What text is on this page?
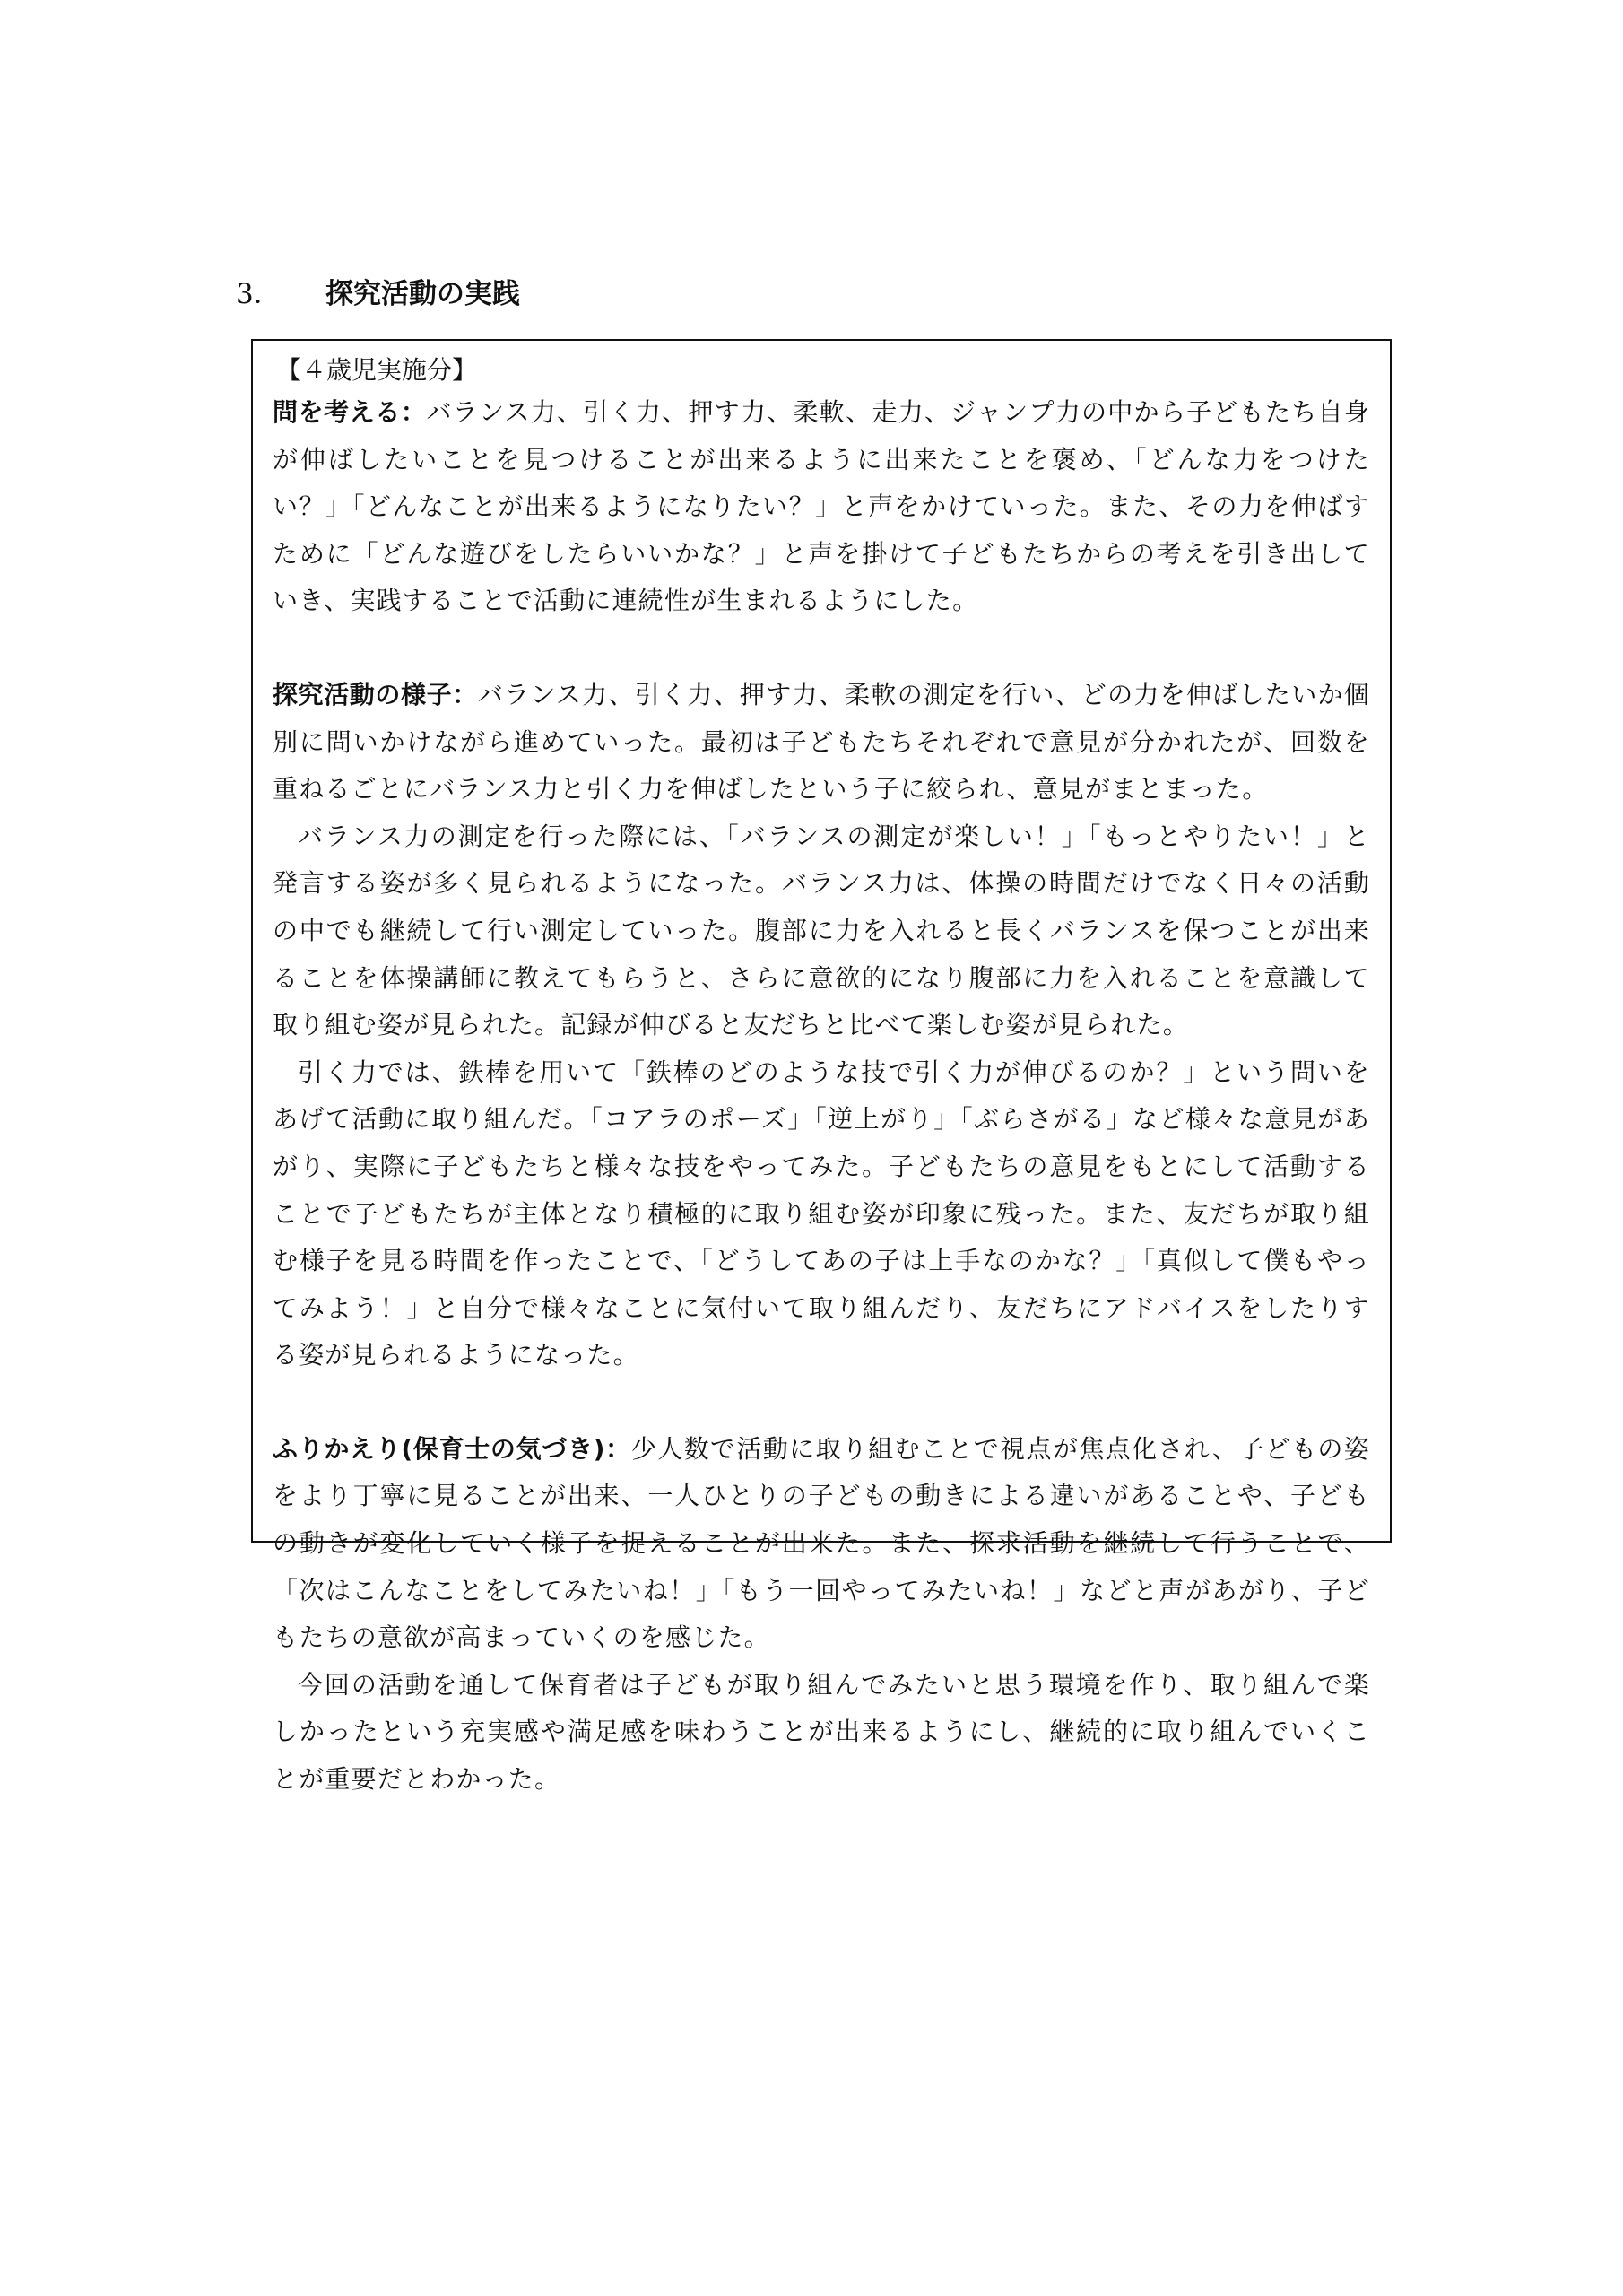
3． 探究活動の実践

【４歳児実施分】

問を考える：バランス力、引く力、押す力、柔軟、走力、ジャンプ力の中から子どもたち自身が伸ばしたいことを見つけることが出来るように出来たことを褒め、「どんな力をつけたい？」「どんなことが出来るようになりたい？」と声をかけていった。また、その力を伸ばすために「どんな遊びをしたらいいかな？」と声を掛けて子どもたちからの考えを引き出していき、実践することで活動に連続性が生まれるようにした。

探究活動の様子：バランス力、引く力、押す力、柔軟の測定を行い、どの力を伸ばしたいか個別に問いかけながら進めていった。最初は子どもたちそれぞれで意見が分かれたが、回数を重ねるごとにバランス力と引く力を伸ばしたという子に絞られ、意見がまとまった。

バランス力の測定を行った際には、「バランスの測定が楽しい！」「もっとやりたい！」と発言する姿が多く見られるようになった。バランス力は、体操の時間だけでなく日々の活動の中でも継続して行い測定していった。腹部に力を入れると長くバランスを保つことが出来ることを体操講師に教えてもらうと、さらに意欲的になり腹部に力を入れることを意識して取り組む姿が見られた。記録が伸びると友だちと比べて楽しむ姿が見られた。

引く力では、鉄棒を用いて「鉄棒のどのような技で引く力が伸びるのか？」という問いをあげて活動に取り組んだ。「コアラのポーズ」「逆上がり」「ぶらさがる」など様々な意見があがり、実際に子どもたちと様々な技をやってみた。子どもたちの意見をもとにして活動することで子どもたちが主体となり積極的に取り組む姿が印象に残った。また、友だちが取り組む様子を見る時間を作ったことで、「どうしてあの子は上手なのかな？」「真似して僕もやってみよう！」と自分で様々なことに気付いて取り組んだり、友だちにアドバイスをしたりする姿が見られるようになった。

ふりかえり(保育士の気づき)：少人数で活動に取り組むことで視点が焦点化され、子どもの姿をより丁寧に見ることが出来、一人ひとりの子どもの動きによる違いがあることや、子どもの動きが変化していく様子を捉えることが出来た。また、探求活動を継続して行うことで、「次はこんなことをしてみたいね！」「もう一回やってみたいね！」などと声があがり、子どもたちの意欲が高まっていくのを感じた。

今回の活動を通して保育者は子どもが取り組んでみたいと思う環境を作り、取り組んで楽しかったという充実感や満足感を味わうことが出来るようにし、継続的に取り組んでいくことが重要だとわかった。
